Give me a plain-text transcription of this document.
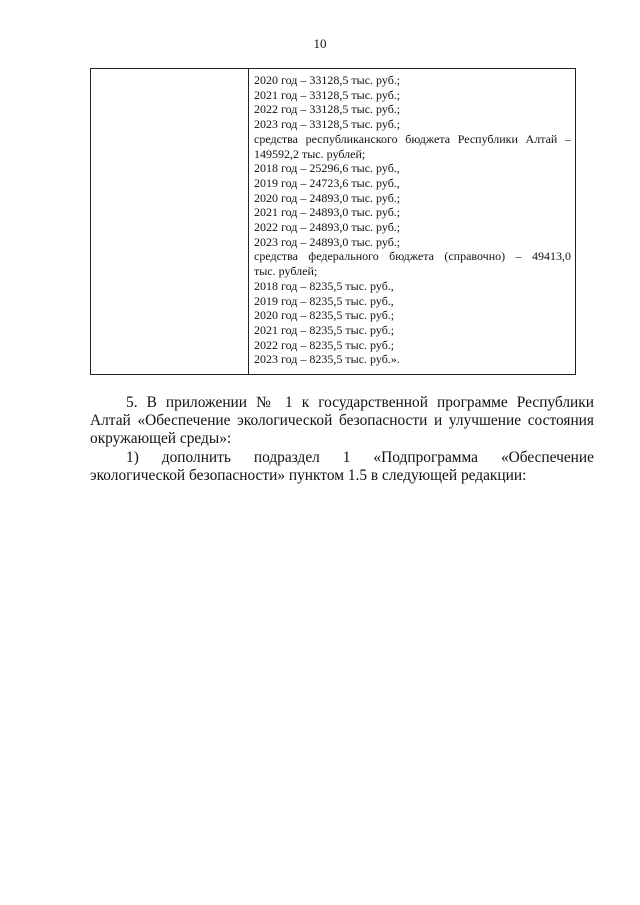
10
2020 год – 33128,5 тыс. руб.;
2021 год – 33128,5 тыс. руб.;
2022 год – 33128,5 тыс. руб.;
2023 год – 33128,5 тыс. руб.;
средства республиканского бюджета Республики Алтай –
149592,2 тыс. рублей;
2018 год – 25296,6 тыс. руб.,
2019 год – 24723,6 тыс. руб.,
2020 год – 24893,0 тыс. руб.;
2021 год – 24893,0 тыс. руб.;
2022 год – 24893,0 тыс. руб.;
2023 год – 24893,0 тыс. руб.;
средства федерального бюджета (справочно) – 49413,0
тыс. рублей;
2018 год – 8235,5 тыс. руб.,
2019 год – 8235,5 тыс. руб.,
2020 год – 8235,5 тыс. руб.;
2021 год – 8235,5 тыс. руб.;
2022 год – 8235,5 тыс. руб.;
2023 год – 8235,5 тыс. руб.».
5. В приложении № 1 к государственной программе Республики
Алтай «Обеспечение экологической безопасности и улучшение состояния
окружающей среды»:
1) дополнить подраздел 1 «Подпрограмма «Обеспечение
экологической безопасности» пунктом 1.5 в следующей редакции:
